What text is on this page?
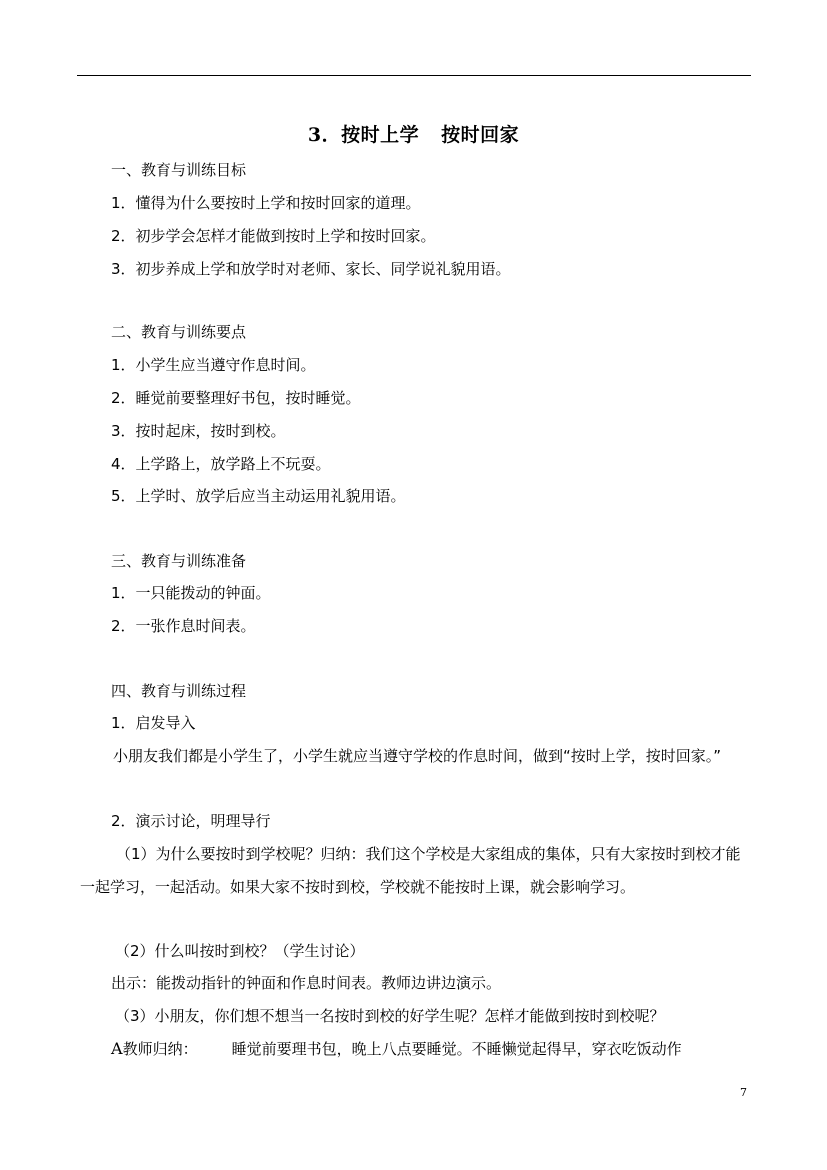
3．按时上学 按时回家
一、教育与训练目标
1．懂得为什么要按时上学和按时回家的道理。
2．初步学会怎样才能做到按时上学和按时回家。
3．初步养成上学和放学时对老师、家长、同学说礼貌用语。
二、教育与训练要点
1．小学生应当遵守作息时间。
2．睡觉前要整理好书包，按时睡觉。
3．按时起床，按时到校。
4．上学路上，放学路上不玩耍。
5．上学时、放学后应当主动运用礼貌用语。
三、教育与训练准备
1．一只能拨动的钟面。
2．一张作息时间表。
四、教育与训练过程
1．启发导入
小朋友我们都是小学生了，小学生就应当遵守学校的作息时间，做到“按时上学，按时回家。”
2．演示讨论，明理导行
（1）为什么要按时到学校呢？归纳：我们这个学校是大家组成的集体，只有大家按时到校才能一起学习，一起活动。如果大家不按时到校，学校就不能按时上课，就会影响学习。
（2）什么叫按时到校？（学生讨论）
出示：能拨动指针的钟面和作息时间表。教师边讲边演示。
（3）小朋友，你们想不想当一名按时到校的好学生呢？怎样才能做到按时到校呢？
A教师归纳： 睡觉前要理书包，晚上八点要睡觉。不睡懒觉起得早，穿衣吃饭动作
7
